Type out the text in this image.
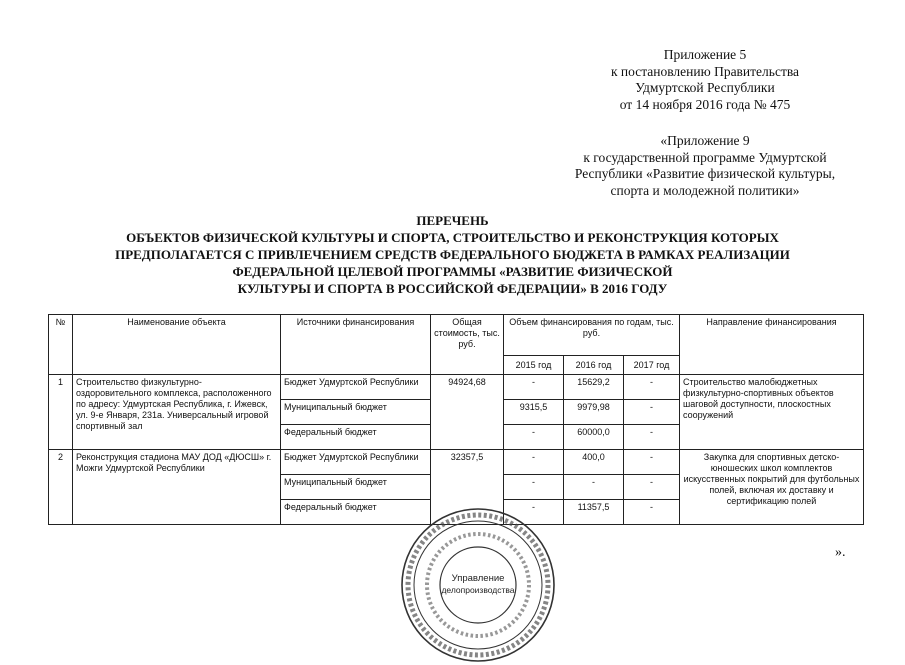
Приложение 5
к постановлению Правительства
Удмуртской Республики
от 14 ноября 2016 года № 475
«Приложение 9
к государственной программе Удмуртской
Республики «Развитие физической культуры,
спорта и молодежной политики»
ПЕРЕЧЕНЬ
ОБЪЕКТОВ ФИЗИЧЕСКОЙ КУЛЬТУРЫ И СПОРТА, СТРОИТЕЛЬСТВО И РЕКОНСТРУКЦИЯ КОТОРЫХ
ПРЕДПОЛАГАЕТСЯ С ПРИВЛЕЧЕНИЕМ СРЕДСТВ ФЕДЕРАЛЬНОГО БЮДЖЕТА В РАМКАХ РЕАЛИЗАЦИИ
ФЕДЕРАЛЬНОЙ ЦЕЛЕВОЙ ПРОГРАММЫ «РАЗВИТИЕ ФИЗИЧЕСКОЙ
КУЛЬТУРЫ И СПОРТА В РОССИЙСКОЙ ФЕДЕРАЦИИ» В 2016 ГОДУ
№	Наименование объекта	Источники финансирования	Общая стоимость, тыс. руб.	Объем финансирования по годам, тыс. руб.			Направление финансирования
				2015 год	2016 год	2017 год	
1	Строительство физкультурно-оздоровительного комплекса, расположенного по адресу: Удмуртская Республика, г. Ижевск, ул. 9-е Января, 231а. Универсальный игровой спортивный зал	Бюджет Удмуртской Республики	94924,68	-	15629,2	-	Строительство малобюджетных физкультурно-спортивных объектов шаговой доступности, плоскостных сооружений
		Муниципальный бюджет		9315,5	9979,98	-	
		Федеральный бюджет		-	60000,0	-	
2	Реконструкция стадиона МАУ ДОД «ДЮСШ» г. Можги Удмуртской Республики	Бюджет Удмуртской Республики	32357,5	-	400,0	-	Закупка для спортивных детско-юношеских школ комплектов искусственных покрытий для футбольных полей, включая их доставку и сертификацию полей
		Муниципальный бюджет		-	-	-	
		Федеральный бюджет		-	11357,5	-	
».
Управление
делопроизводства
